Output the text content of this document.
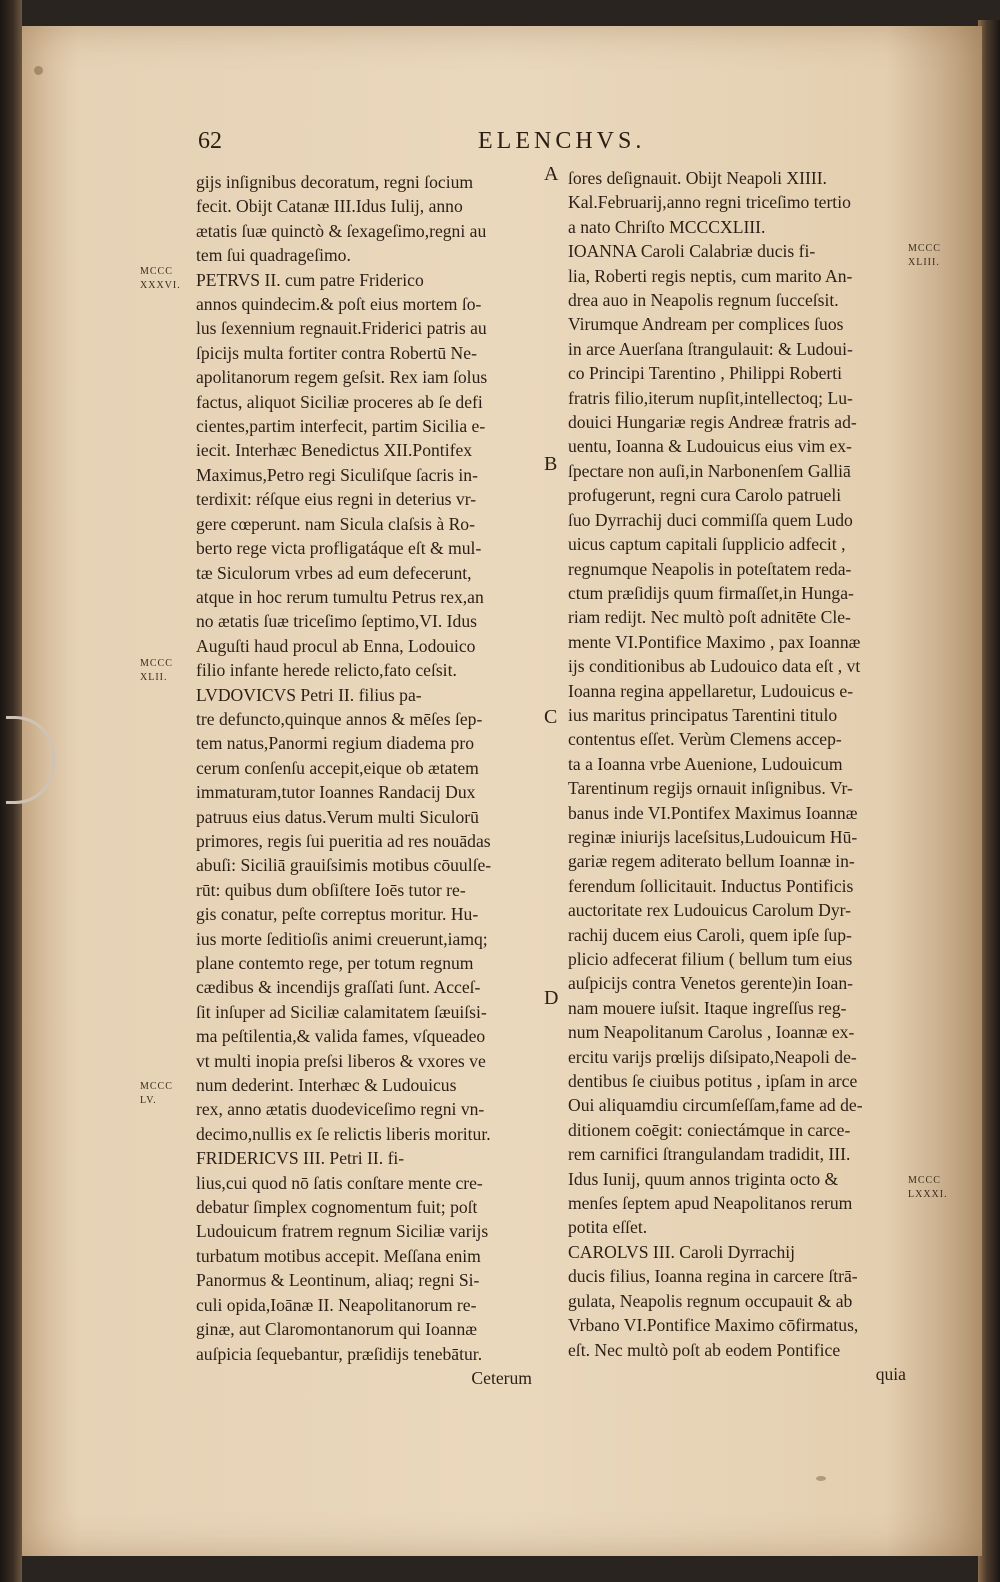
62	ELENCHVS.
A
B
C
D
MCCC XXXVI.
MCCC XLII.
MCCC LV.
MCCC XLIII.
MCCC LXXXI.
gijs inſignibus decoratum, regni ſocium
fecit. Obijt Catanæ III.Idus Iulij, anno
ætatis ſuæ quinctò & ſexageſimo,regni au
tem ſui quadrageſimo.
PETRVS II. cum patre Friderico
annos quindecim.& poſt eius mortem ſo-
lus ſexennium regnauit.Friderici patris au
ſpicijs multa fortiter contra Robertū Ne-
apolitanorum regem geſsit. Rex iam ſolus
factus, aliquot Siciliæ proceres ab ſe defi
cientes,partim interfecit, partim Sicilia e-
iecit. Interhæc Benedictus XII.Pontifex
Maximus,Petro regi Siculiſque ſacris in-
terdixit: réſque eius regni in deterius vr-
gere cœperunt. nam Sicula claſsis à Ro-
berto rege victa profligatáque eſt & mul-
tæ Siculorum vrbes ad eum defecerunt,
atque in hoc rerum tumultu Petrus rex,an
no ætatis ſuæ triceſimo ſeptimo,VI. Idus
Auguſti haud procul ab Enna, Lodouico
filio infante herede relicto,fato ceſsit.
LVDOVICVS Petri II. filius pa-
tre defuncto,quinque annos & mēſes ſep-
tem natus,Panormi regium diadema pro
cerum conſenſu accepit,eique ob ætatem
immaturam,tutor Ioannes Randacij Dux
patruus eius datus.Verum multi Siculorū
primores, regis ſui pueritia ad res nouādas
abuſi: Siciliā grauiſsimis motibus cōuulſe-
rūt: quibus dum obſiſtere Ioēs tutor re-
gis conatur, peſte correptus moritur. Hu-
ius morte ſeditioſis animi creuerunt,iamq;
plane contemto rege, per totum regnum
cædibus & incendijs graſſati ſunt. Acceſ-
ſit inſuper ad Siciliæ calamitatem ſæuiſsi-
ma peſtilentia,& valida fames, vſqueadeo
vt multi inopia preſsi liberos & vxores ve
num dederint. Interhæc & Ludouicus
rex, anno ætatis duodeviceſimo regni vn-
decimo,nullis ex ſe relictis liberis moritur.
FRIDERICVS III. Petri II. fi-
lius,cui quod nō ſatis conſtare mente cre-
debatur ſimplex cognomentum fuit; poſt
Ludouicum fratrem regnum Siciliæ varijs
turbatum motibus accepit. Meſſana enim
Panormus & Leontinum, aliaq; regni Si-
culi opida,Ioānæ II. Neapolitanorum re-
ginæ, aut Claromontanorum qui Ioannæ
auſpicia ſequebantur, præſidijs tenebātur.
Ceterum
ſores deſignauit. Obijt Neapoli XIIII.
Kal.Februarij,anno regni triceſimo tertio
a nato Chriſto MCCCXLIII.
IOANNA Caroli Calabriæ ducis fi-
lia, Roberti regis neptis, cum marito An-
drea auo in Neapolis regnum ſucceſsit.
Virumque Andream per complices ſuos
in arce Auerſana ſtrangulauit: & Ludoui-
co Principi Tarentino , Philippi Roberti
fratris filio,iterum nupſit,intellectoq; Lu-
douici Hungariæ regis Andreæ fratris ad-
uentu, Ioanna & Ludouicus eius vim ex-
ſpectare non auſi,in Narbonenſem Galliā
profugerunt, regni cura Carolo patrueli
ſuo Dyrrachij duci commiſſa quem Ludo
uicus captum capitali ſupplicio adfecit ,
regnumque Neapolis in poteſtatem reda-
ctum præſidijs quum firmaſſet,in Hunga-
riam redijt. Nec multò poſt adnitēte Cle-
mente VI.Pontifice Maximo , pax Ioannæ
ijs conditionibus ab Ludouico data eſt , vt
Ioanna regina appellaretur, Ludouicus e-
ius maritus principatus Tarentini titulo
contentus eſſet. Verùm Clemens accep-
ta a Ioanna vrbe Auenione, Ludouicum
Tarentinum regijs ornauit inſignibus. Vr-
banus inde VI.Pontifex Maximus Ioannæ
reginæ iniurijs laceſsitus,Ludouicum Hū-
gariæ regem aditerato bellum Ioannæ in-
ferendum ſollicitauit. Inductus Pontificis
auctoritate rex Ludouicus Carolum Dyr-
rachij ducem eius Caroli, quem ipſe ſup-
plicio adfecerat filium ( bellum tum eius
auſpicijs contra Venetos gerente)in Ioan-
nam mouere iuſsit. Itaque ingreſſus reg-
num Neapolitanum Carolus , Ioannæ ex-
ercitu varijs prœlijs diſsipato,Neapoli de-
dentibus ſe ciuibus potitus , ipſam in arce
Oui aliquamdiu circumſeſſam,fame ad de-
ditionem coēgit: coniectámque in carce-
rem carnifici ſtrangulandam tradidit, III.
Idus Iunij, quum annos triginta octo &
menſes ſeptem apud Neapolitanos rerum
potita eſſet.
CAROLVS III. Caroli Dyrrachij
ducis filius, Ioanna regina in carcere ſtrā-
gulata, Neapolis regnum occupauit & ab
Vrbano VI.Pontifice Maximo cōfirmatus,
eſt. Nec multò poſt ab eodem Pontifice
quia
